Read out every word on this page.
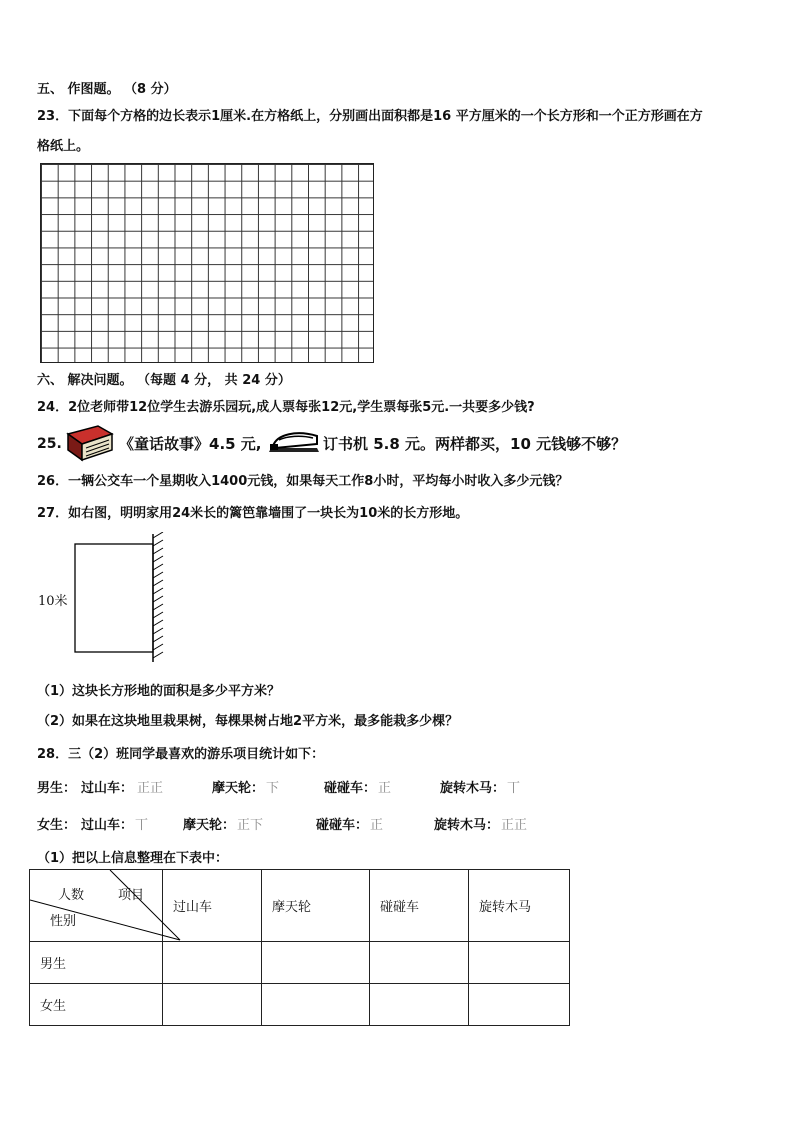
五、 作图题。 （8 分）
23．下面每个方格的边长表示1厘米.在方格纸上，分别画出面积都是16 平方厘米的一个长方形和一个正方形画在方
格纸上。
六、 解决问题。 （每题 4 分， 共 24 分）
24．2位老师带12位学生去游乐园玩,成人票每张12元,学生票每张5元.一共要多少钱?
25.	《童话故事》4.5 元,	订书机 5.8 元。两样都买，10 元钱够不够？
26．一辆公交车一个星期收入1400元钱，如果每天工作8小时，平均每小时收入多少元钱？
27．如右图，明明家用24米长的篱笆靠墙围了一块长为10米的长方形地。
10米
（1）这块长方形地的面积是多少平方米？
（2）如果在这块地里栽果树，每棵果树占地2平方米，最多能栽多少棵？
28．三（2）班同学最喜欢的游乐项目统计如下：
男生： 过山车： 正正	摩天轮： 下	碰碰车： 正	旋转木马： 丅
女生： 过山车： 丅	摩天轮： 正下	碰碰车： 正	旋转木马： 正正
（1）把以上信息整理在下表中：
人数 项目
性别	过山车	摩天轮	碰碰车	旋转木马
男生				
女生				
